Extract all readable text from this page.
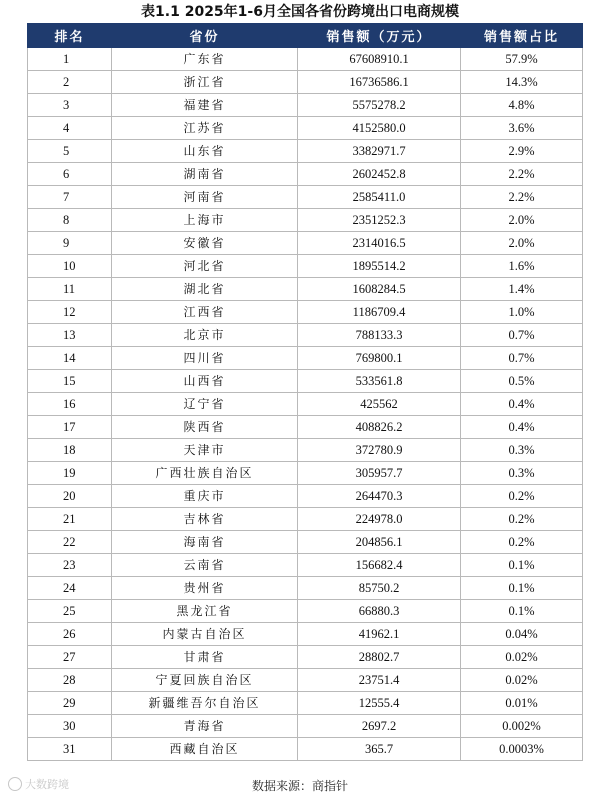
表1.1 2025年1-6月全国各省份跨境出口电商规模
排名	省份	销售额（万元）	销售额占比
1	广东省	67608910.1	57.9%
2	浙江省	16736586.1	14.3%
3	福建省	5575278.2	4.8%
4	江苏省	4152580.0	3.6%
5	山东省	3382971.7	2.9%
6	湖南省	2602452.8	2.2%
7	河南省	2585411.0	2.2%
8	上海市	2351252.3	2.0%
9	安徽省	2314016.5	2.0%
10	河北省	1895514.2	1.6%
11	湖北省	1608284.5	1.4%
12	江西省	1186709.4	1.0%
13	北京市	788133.3	0.7%
14	四川省	769800.1	0.7%
15	山西省	533561.8	0.5%
16	辽宁省	425562	0.4%
17	陕西省	408826.2	0.4%
18	天津市	372780.9	0.3%
19	广西壮族自治区	305957.7	0.3%
20	重庆市	264470.3	0.2%
21	吉林省	224978.0	0.2%
22	海南省	204856.1	0.2%
23	云南省	156682.4	0.1%
24	贵州省	85750.2	0.1%
25	黑龙江省	66880.3	0.1%
26	内蒙古自治区	41962.1	0.04%
27	甘肃省	28802.7	0.02%
28	宁夏回族自治区	23751.4	0.02%
29	新疆维吾尔自治区	12555.4	0.01%
30	青海省	2697.2	0.002%
31	西藏自治区	365.7	0.0003%
大数跨境	数据来源：商指针
